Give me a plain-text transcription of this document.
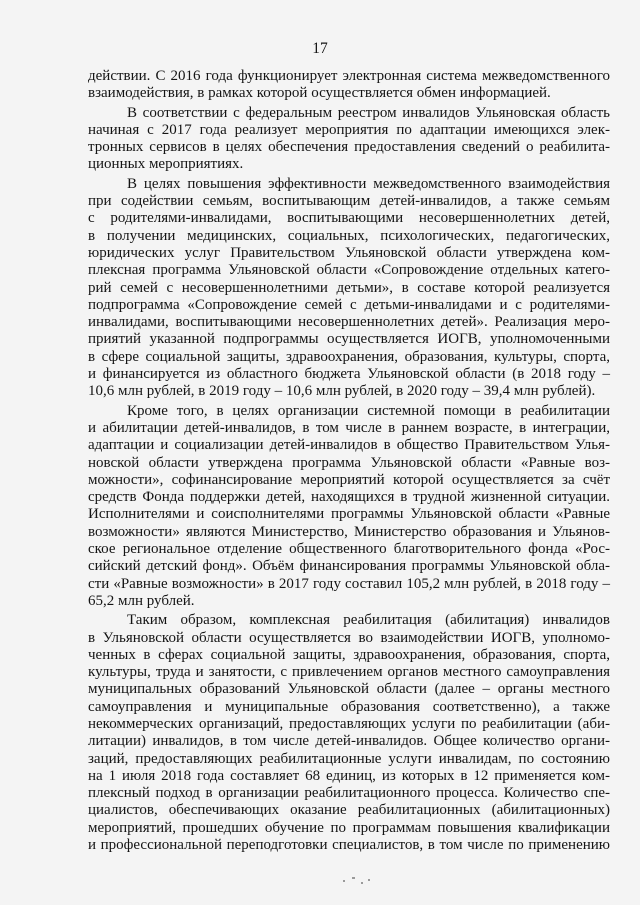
17
действии. С 2016 года функционирует электронная система межведомственного
взаимодействия, в рамках которой осуществляется обмен информацией.
В соответствии с федеральным реестром инвалидов Ульяновская область
начиная с 2017 года реализует мероприятия по адаптации имеющихся элек-
тронных сервисов в целях обеспечения предоставления сведений о реабилита-
ционных мероприятиях.
В целях повышения эффективности межведомственного взаимодействия
при содействии семьям, воспитывающим детей-инвалидов, а также семьям
с родителями-инвалидами, воспитывающими несовершеннолетних детей,
в получении медицинских, социальных, психологических, педагогических,
юридических услуг Правительством Ульяновской области утверждена ком-
плексная программа Ульяновской области «Сопровождение отдельных катего-
рий семей с несовершеннолетними детьми», в составе которой реализуется
подпрограмма «Сопровождение семей с детьми-инвалидами и с родителями-
инвалидами, воспитывающими несовершеннолетних детей». Реализация меро-
приятий указанной подпрограммы осуществляется ИОГВ, уполномоченными
в сфере социальной защиты, здравоохранения, образования, культуры, спорта,
и финансируется из областного бюджета Ульяновской области (в 2018 году –
10,6 млн рублей, в 2019 году – 10,6 млн рублей, в 2020 году – 39,4 млн рублей).
Кроме того, в целях организации системной помощи в реабилитации
и абилитации детей-инвалидов, в том числе в раннем возрасте, в интеграции,
адаптации и социализации детей-инвалидов в общество Правительством Улья-
новской области утверждена программа Ульяновской области «Равные воз-
можности», софинансирование мероприятий которой осуществляется за счёт
средств Фонда поддержки детей, находящихся в трудной жизненной ситуации.
Исполнителями и соисполнителями программы Ульяновской области «Равные
возможности» являются Министерство, Министерство образования и Ульянов-
ское региональное отделение общественного благотворительного фонда «Рос-
сийский детский фонд». Объём финансирования программы Ульяновской обла-
сти «Равные возможности» в 2017 году составил 105,2 млн рублей, в 2018 году –
65,2 млн рублей.
Таким образом, комплексная реабилитация (абилитация) инвалидов
в Ульяновской области осуществляется во взаимодействии ИОГВ, уполномо-
ченных в сферах социальной защиты, здравоохранения, образования, спорта,
культуры, труда и занятости, с привлечением органов местного самоуправления
муниципальных образований Ульяновской области (далее – органы местного
самоуправления и муниципальные образования соответственно), а также
некоммерческих организаций, предоставляющих услуги по реабилитации (аби-
литации) инвалидов, в том числе детей-инвалидов. Общее количество органи-
заций, предоставляющих реабилитационные услуги инвалидам, по состоянию
на 1 июля 2018 года составляет 68 единиц, из которых в 12 применяется ком-
плексный подход в организации реабилитационного процесса. Количество спе-
циалистов, обеспечивающих оказание реабилитационных (абилитационных)
мероприятий, прошедших обучение по программам повышения квалификации
и профессиональной переподготовки специалистов, в том числе по применению
